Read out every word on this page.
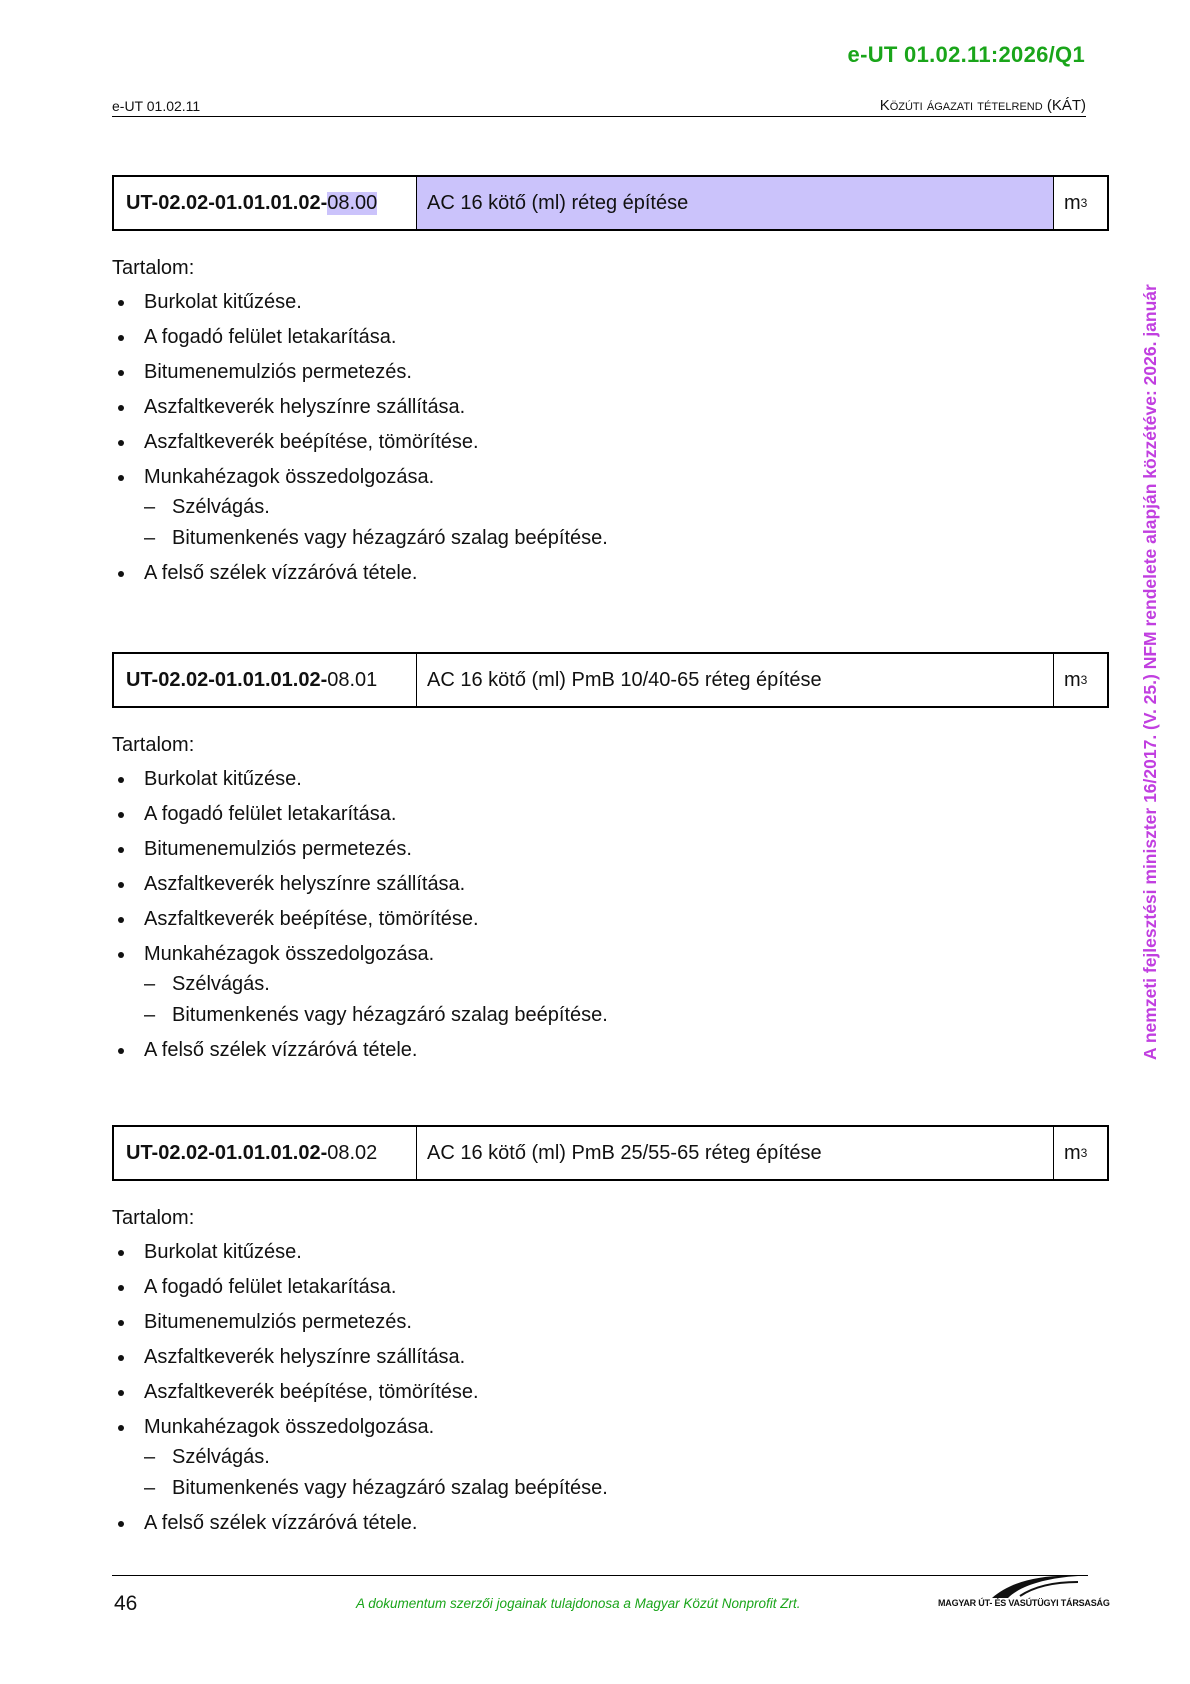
e-UT 01.02.11:2026/Q1
e-UT 01.02.11	Közúti ágazati tételrend (KÁT)
A nemzeti fejlesztési miniszter 16/2017. (V. 25.) NFM rendelete alapján közzétéve: 2026. január
UT-02.02-01.01.01.02- 08.00	AC 16 kötő (ml) réteg építése	m 3
Tartalom:
Burkolat kitűzése.
A fogadó felület letakarítása.
Bitumenemulziós permetezés.
Aszfaltkeverék helyszínre szállítása.
Aszfaltkeverék beépítése, tömörítése.
Munkahézagok összedolgozása.
– Szélvágás.
– Bitumenkenés vagy hézagzáró szalag beépítése.
A felső szélek vízzáróvá tétele.
UT-02.02-01.01.01.02- 08.01	AC 16 kötő (ml) PmB 10/40-65 réteg építése	m 3
Tartalom:
Burkolat kitűzése.
A fogadó felület letakarítása.
Bitumenemulziós permetezés.
Aszfaltkeverék helyszínre szállítása.
Aszfaltkeverék beépítése, tömörítése.
Munkahézagok összedolgozása.
– Szélvágás.
– Bitumenkenés vagy hézagzáró szalag beépítése.
A felső szélek vízzáróvá tétele.
UT-02.02-01.01.01.02- 08.02	AC 16 kötő (ml) PmB 25/55-65 réteg építése	m 3
Tartalom:
Burkolat kitűzése.
A fogadó felület letakarítása.
Bitumenemulziós permetezés.
Aszfaltkeverék helyszínre szállítása.
Aszfaltkeverék beépítése, tömörítése.
Munkahézagok összedolgozása.
– Szélvágás.
– Bitumenkenés vagy hézagzáró szalag beépítése.
A felső szélek vízzáróvá tétele.
46	A dokumentum szerzői jogainak tulajdonosa a Magyar Közút Nonprofit Zrt.	MAGYAR ÚT- ÉS VASÚTÜGYI TÁRSASÁG
